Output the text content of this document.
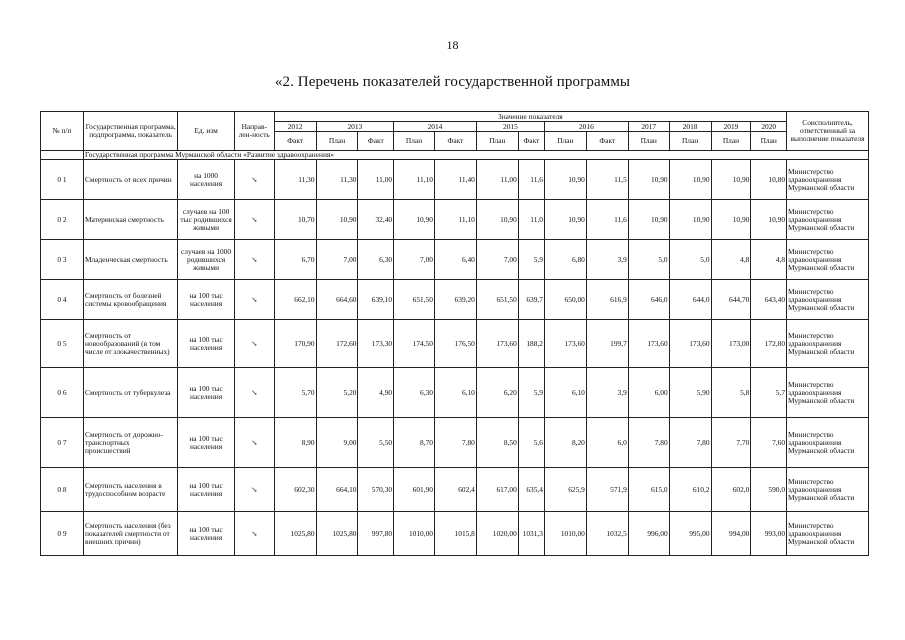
18
«2. Перечень показателей государственной программы
№ п/п	Государственная программа, подпрограмма, показатель	Ед. изм	Направ-лен-ность	Значение показателя													Соисполнитель, ответственный за выполнение показателя
				2012	2013		2014		2015		2016		2017	2018	2019	2020	
				Факт	План	Факт	План	Факт	План	Факт	План	Факт	План	План	План	План	
	Государственная программа Мурманской области «Развитие здравоохранения»																
0 1	Смертность от всех причин	на 1000 населения	↘	11,30	11,30	11,00	11,10	11,40	11,00	11,6	10,90	11,5	10,90	10,90	10,90	10,80	Министерство здравоохранения Мурманской области
0 2	Материнская смертность	случаев на 100 тыс родившихся живыми	↘	10,70	10,90	32,40	10,90	11,10	10,90	11,0	10,90	11,6	10,90	10,90	10,90	10,90	Министерство здравоохранения Мурманской области
0 3	Младенческая смертность	случаев на 1000 родившихся живыми	↘	6,70	7,00	6,30	7,00	6,40	7,00	5,9	6,80	3,9	5,0	5,0	4,8	4,8	Министерство здравоохранения Мурманской области
0 4	Смертность от болезней системы кровообращения	на 100 тыс населения	↘	662,10	664,60	639,10	651,50	639,20	651,50	639,7	650,00	616,9	646,0	644,0	644,70	643,40	Министерство здравоохранения Мурманской области
0 5	Смертность от новообразований (в том числе от злокачественных)	на 100 тыс населения	↘	170,90	172,60	173,30	174,50	176,50	173,60	188,2	173,60	199,7	173,60	173,60	173,00	172,80	Министерство здравоохранения Мурманской области
0 6	Смертность от туберкулеза	на 100 тыс населения	↘	5,70	5,20	4,90	6,30	6,10	6,20	5,9	6,10	3,9	6,00	5,90	5,8	5,7	Министерство здравоохранения Мурманской области
0 7	Смертность от дорожно-транспортных происшествий	на 100 тыс населения	↘	8,90	9,00	5,50	8,70	7,80	8,50	5,6	8,20	6,0	7,80	7,80	7,70	7,60	Министерство здравоохранения Мурманской области
0 8	Смертность населения в трудоспособном возрасте	на 100 тыс населения	↘	602,30	664,10	570,30	601,90	602,4	617,00	635,4	625,9	571,9	615,0	610,2	602,0	590,0	Министерство здравоохранения Мурманской области
0 9	Смертность населения (без показателей смертности от внешних причин)	на 100 тыс населения	↘	1025,80	1025,80	997,80	1010,00	1015,8	1020,00	1031,3	1010,00	1032,5	996,00	995,00	994,00	993,00	Министерство здравоохранения Мурманской области
